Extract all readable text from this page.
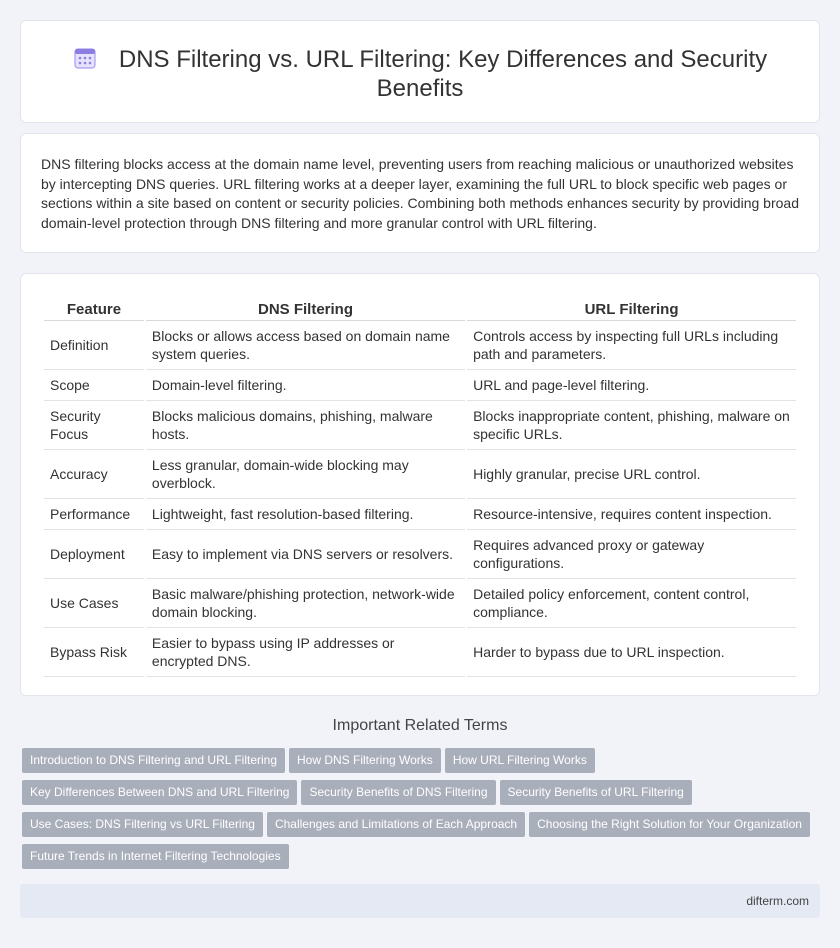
DNS Filtering vs. URL Filtering: Key Differences and Security Benefits

DNS filtering blocks access at the domain name level, preventing users from reaching malicious or unauthorized websites by intercepting DNS queries. URL filtering works at a deeper layer, examining the full URL to block specific web pages or sections within a site based on content or security policies. Combining both methods enhances security by providing broad domain-level protection through DNS filtering and more granular control with URL filtering.

Feature	DNS Filtering	URL Filtering
Definition	Blocks or allows access based on domain name system queries.	Controls access by inspecting full URLs including path and parameters.
Scope	Domain-level filtering.	URL and page-level filtering.
Security Focus	Blocks malicious domains, phishing, malware hosts.	Blocks inappropriate content, phishing, malware on specific URLs.
Accuracy	Less granular, domain-wide blocking may overblock.	Highly granular, precise URL control.
Performance	Lightweight, fast resolution-based filtering.	Resource-intensive, requires content inspection.
Deployment	Easy to implement via DNS servers or resolvers.	Requires advanced proxy or gateway configurations.
Use Cases	Basic malware/phishing protection, network-wide domain blocking.	Detailed policy enforcement, content control, compliance.
Bypass Risk	Easier to bypass using IP addresses or encrypted DNS.	Harder to bypass due to URL inspection.
Important Related Terms
Introduction to DNS Filtering and URL Filtering How DNS Filtering Works How URL Filtering Works
Key Differences Between DNS and URL Filtering Security Benefits of DNS Filtering Security Benefits of URL Filtering
Use Cases: DNS Filtering vs URL Filtering Challenges and Limitations of Each Approach Choosing the Right Solution for Your Organization
Future Trends in Internet Filtering Technologies
difterm.com
